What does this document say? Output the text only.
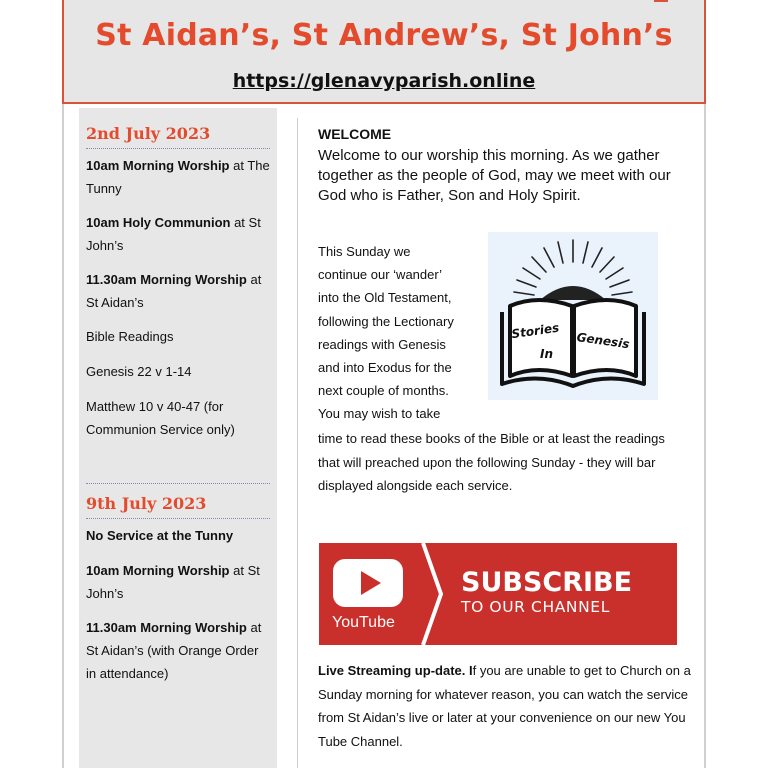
St Aidan’s, St Andrew’s, St John’s
https://glenavyparish.online
2nd July 2023
10am Morning Worship at The Tunny
10am Holy Communion at St John’s
11.30am Morning Worship at St Aidan’s
Bible Readings
Genesis 22 v 1-14
Matthew 10 v 40-47 (for Communion Service only)
9th July 2023
No Service at the Tunny
10am Morning Worship at St John’s
11.30am Morning Worship at St Aidan’s (with Orange Order in attendance)
WELCOME
Welcome to our worship this morning. As we gather together as the people of God, may we meet with our God who is Father, Son and Holy Spirit.
This Sunday we
continue our ‘wander’
into the Old Testament,
following the Lectionary
readings with Genesis
and into Exodus for the
next couple of months.
You may wish to take
time to read these books of the Bible or at least the readings that will preached upon the following Sunday - they will bar displayed alongside each service.
Stories
In
Genesis
YouTube
SUBSCRIBE
TO OUR CHANNEL
Live Streaming up-date. If you are unable to get to Church on a Sunday morning for whatever reason, you can watch the service from St Aidan’s live or later at your convenience on our new You Tube Channel.
